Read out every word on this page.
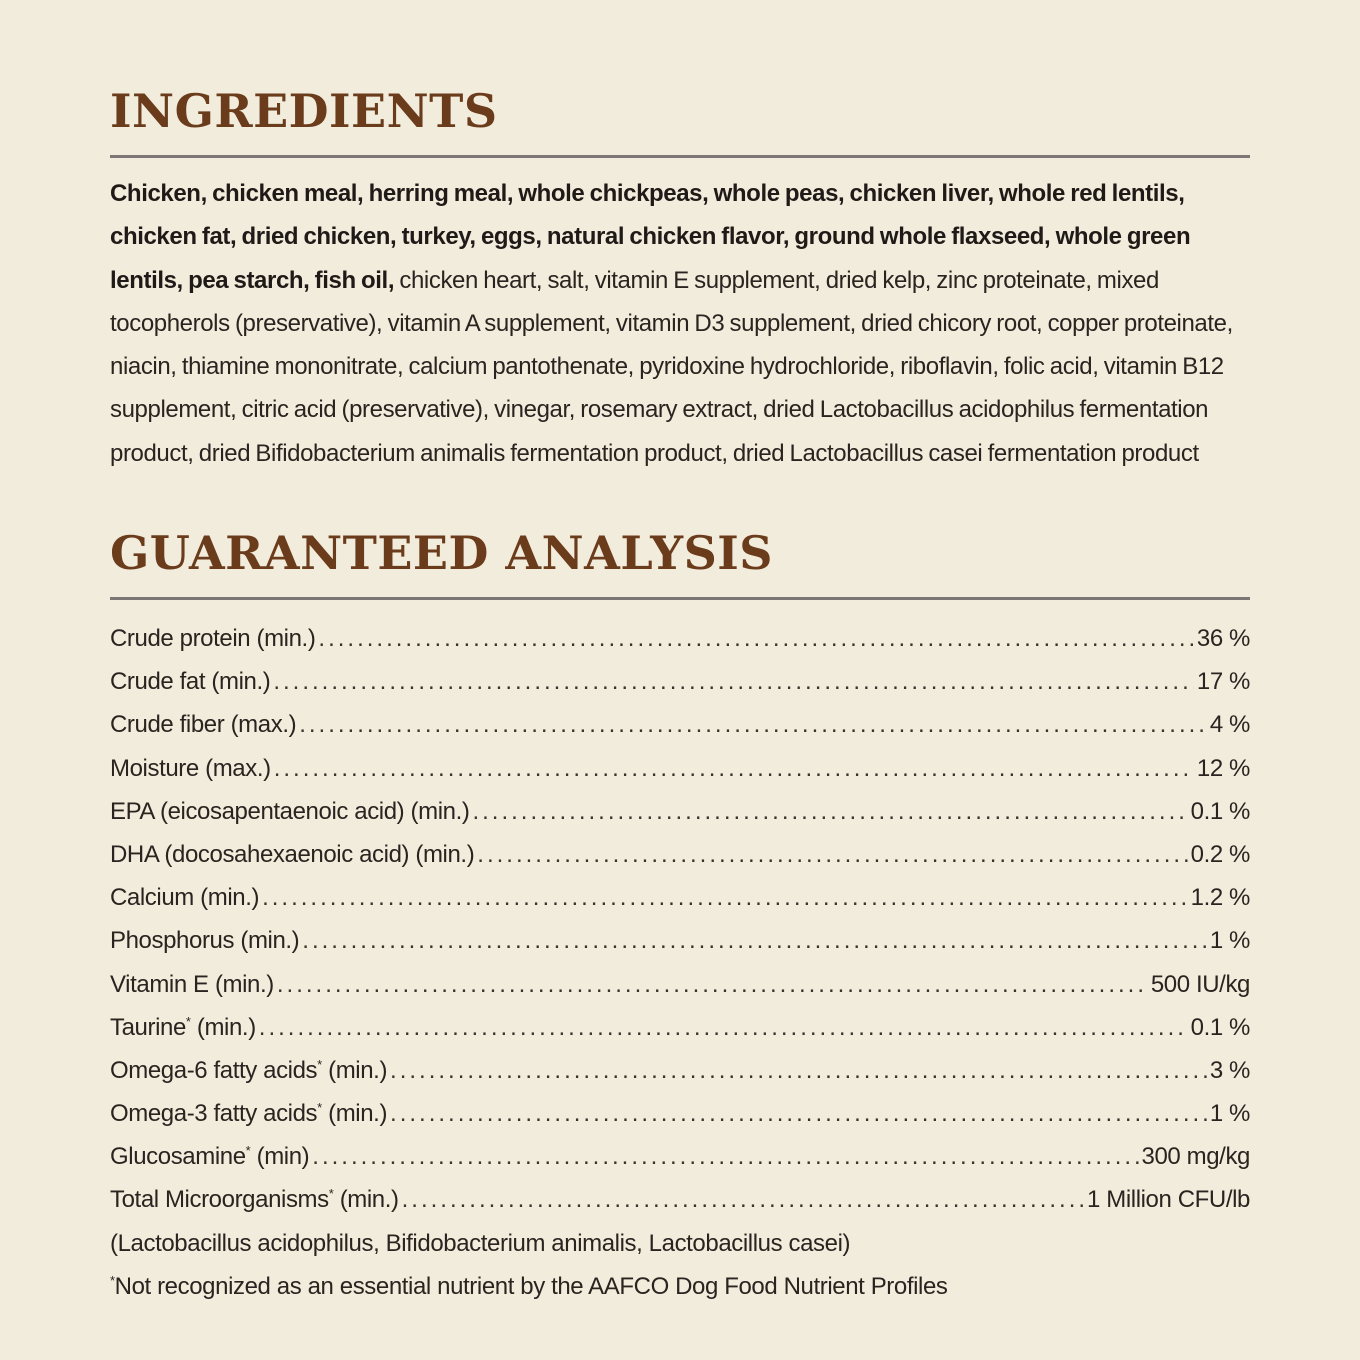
INGREDIENTS

Chicken, chicken meal, herring meal, whole chickpeas, whole peas, chicken liver, whole red lentils, chicken fat, dried chicken, turkey, eggs, natural chicken flavor, ground whole flaxseed, whole green lentils, pea starch, fish oil, chicken heart, salt, vitamin E supplement, dried kelp, zinc proteinate, mixed tocopherols (preservative), vitamin A supplement, vitamin D3 supplement, dried chicory root, copper proteinate, niacin, thiamine mononitrate, calcium pantothenate, pyridoxine hydrochloride, riboflavin, folic acid, vitamin B12 supplement, citric acid (preservative), vinegar, rosemary extract, dried Lactobacillus acidophilus fermentation product, dried Bifidobacterium animalis fermentation product, dried Lactobacillus casei fermentation product

GUARANTEED ANALYSIS
Crude protein (min.) .....	36 %
Crude fat (min.) .....	17 %
Crude fiber (max.) .....	4 %
Moisture (max.) .....	12 %
EPA (eicosapentaenoic acid) (min.) .....	0.1 %
DHA (docosahexaenoic acid) (min.) .....	0.2 %
Calcium (min.) .....	1.2 %
Phosphorus (min.) .....	1 %
Vitamin E (min.) .....	500 IU/kg
Taurine* (min.) .....	0.1 %
Omega-6 fatty acids* (min.) .....	3 %
Omega-3 fatty acids* (min.) .....	1 %
Glucosamine* (min) .....	300 mg/kg
Total Microorganisms* (min.) .....	1 Million CFU/lb
(Lactobacillus acidophilus, Bifidobacterium animalis, Lactobacillus casei)
*Not recognized as an essential nutrient by the AAFCO Dog Food Nutrient Profiles
